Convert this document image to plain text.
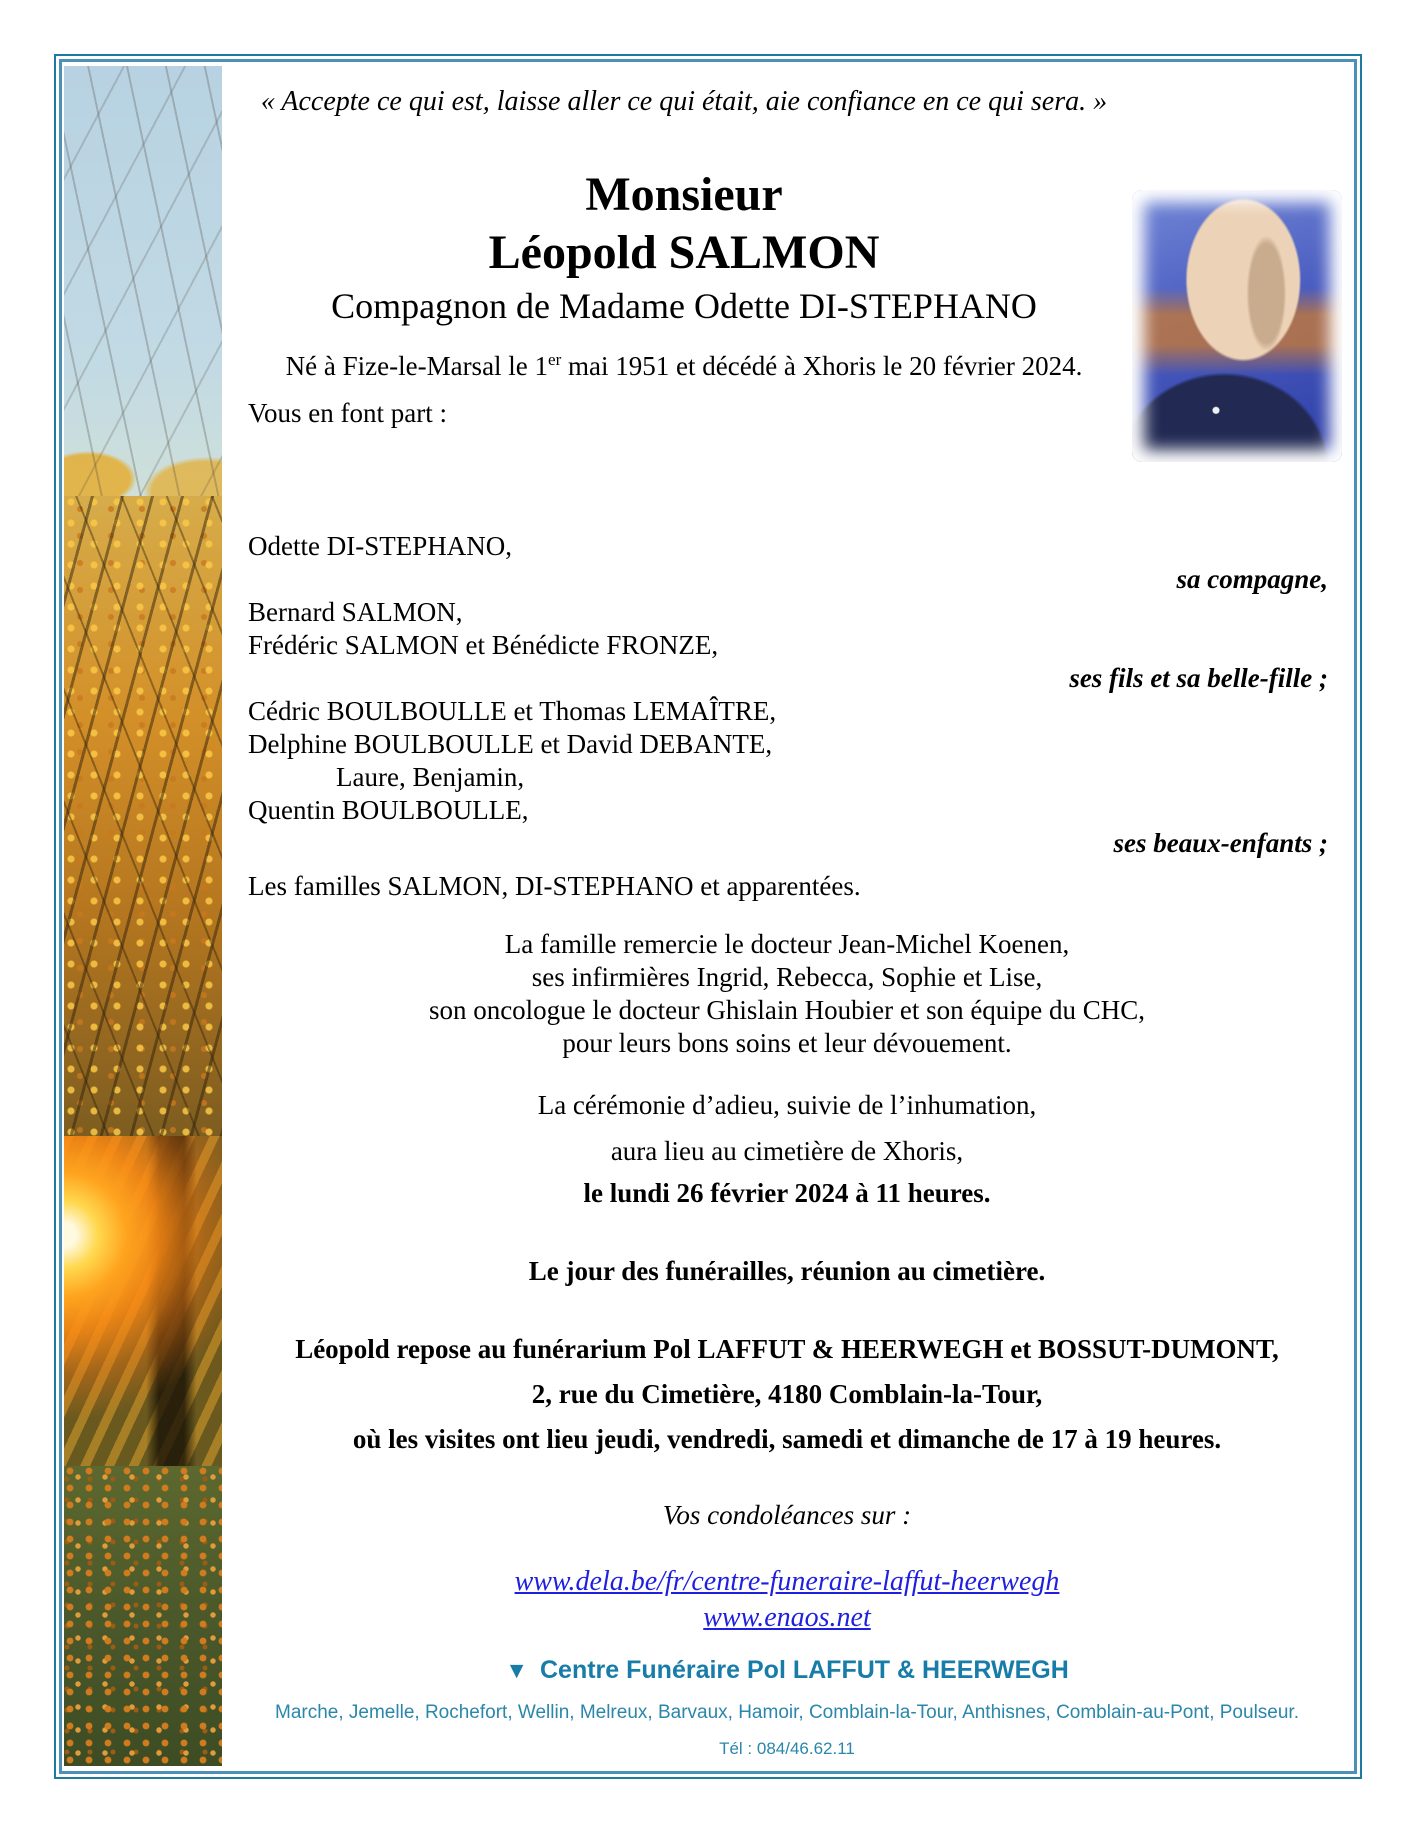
« Accepte ce qui est, laisse aller ce qui était, aie confiance en ce qui sera. »
Monsieur
Léopold SALMON
Compagnon de Madame Odette DI-STEPHANO
Né à Fize-le-Marsal le 1er mai 1951 et décédé à Xhoris le 20 février 2024.
Vous en font part :
Odette DI-STEPHANO,
sa compagne,
Bernard SALMON,
Frédéric SALMON et Bénédicte FRONZE,
ses fils et sa belle-fille ;
Cédric BOULBOULLE et Thomas LEMAÎTRE,
Delphine BOULBOULLE et David DEBANTE,
Laure, Benjamin,
Quentin BOULBOULLE,
ses beaux-enfants ;
Les familles SALMON, DI-STEPHANO et apparentées.
La famille remercie le docteur Jean-Michel Koenen,
ses infirmières Ingrid, Rebecca, Sophie et Lise,
son oncologue le docteur Ghislain Houbier et son équipe du CHC,
pour leurs bons soins et leur dévouement.
La cérémonie d’adieu, suivie de l’inhumation,
aura lieu au cimetière de Xhoris,
le lundi 26 février 2024 à 11 heures.
Le jour des funérailles, réunion au cimetière.
Léopold repose au funérarium Pol LAFFUT & HEERWEGH et BOSSUT-DUMONT,
2, rue du Cimetière, 4180 Comblain-la-Tour,
où les visites ont lieu jeudi, vendredi, samedi et dimanche de 17 à 19 heures.
Vos condoléances sur :
www.dela.be/fr/centre-funeraire-laffut-heerwegh
www.enaos.net
▼ Centre Funéraire Pol LAFFUT & HEERWEGH
Marche, Jemelle, Rochefort, Wellin, Melreux, Barvaux, Hamoir, Comblain-la-Tour, Anthisnes, Comblain-au-Pont, Poulseur.
Tél : 084/46.62.11
